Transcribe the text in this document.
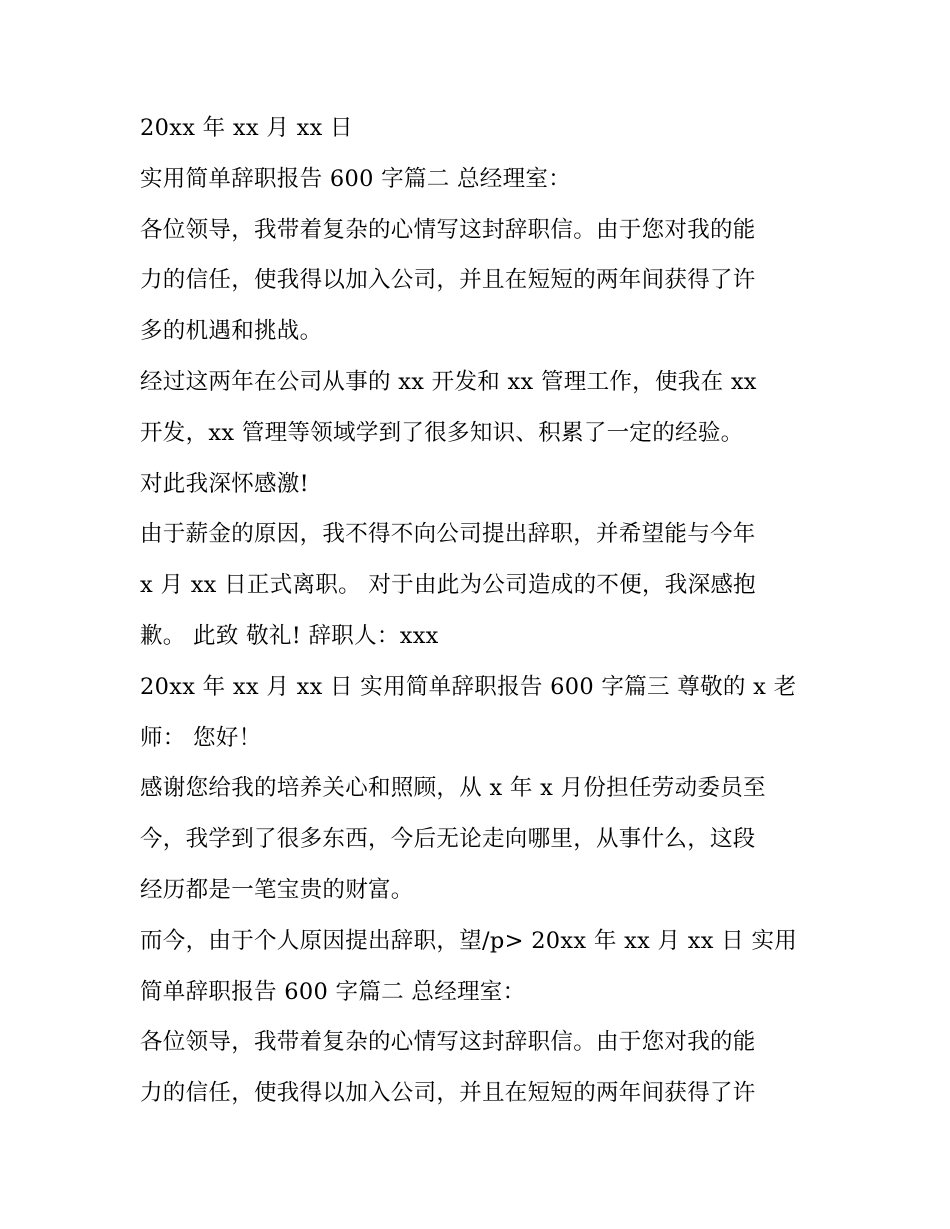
20xx 年 xx 月 xx 日
实用简单辞职报告 600 字篇二 总经理室：
各位领导，我带着复杂的心情写这封辞职信。由于您对我的能
力的信任，使我得以加入公司，并且在短短的两年间获得了许
多的机遇和挑战。
经过这两年在公司从事的 xx 开发和 xx 管理工作，使我在 xx
开发，xx 管理等领域学到了很多知识、积累了一定的经验。
对此我深怀感激!
由于薪金的原因，我不得不向公司提出辞职，并希望能与今年
x 月 xx 日正式离职。 对于由此为公司造成的不便，我深感抱
歉。 此致 敬礼! 辞职人：xxx
20xx 年 xx 月 xx 日 实用简单辞职报告 600 字篇三 尊敬的 x 老
师： 您好！
感谢您给我的培养关心和照顾，从 x 年 x 月份担任劳动委员至
今，我学到了很多东西，今后无论走向哪里，从事什么，这段
经历都是一笔宝贵的财富。
而今，由于个人原因提出辞职，望/p> 20xx 年 xx 月 xx 日 实用
简单辞职报告 600 字篇二 总经理室：
各位领导，我带着复杂的心情写这封辞职信。由于您对我的能
力的信任，使我得以加入公司，并且在短短的两年间获得了许
